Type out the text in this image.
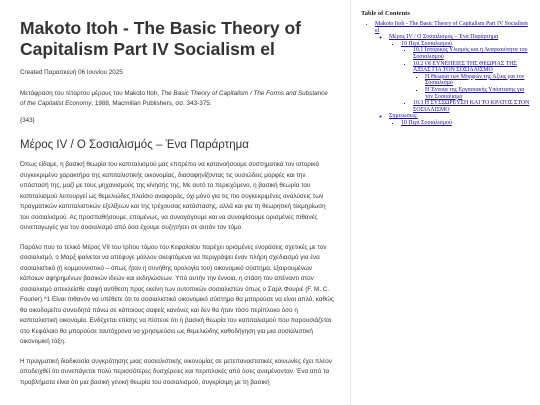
Makoto Itoh - The Basic Theory of Capitalism Part IV Socialism el
Created Παρασκευή 06 Ιουνίου 2025
Μετάφραση του τέταρτου μέρους του Makoto Itoh, The Basic Theory of Capitalism / The Forms and Substance of the Capitalist Economy, 1988, Macmillan Publishers, σσ. 343-375.
{343}
Μέρος IV / Ο Σοσιαλισμός – Ένα Παράρτημα

Όπως είδαμε, η βασική θεωρία του καπιταλισμού μας επιτρέπει να κατανοήσουμε συστηματικά τον ιστορικά συγκεκριμένο χαρακτήρα της καπιταλιστικής οικονομίας, διασαφηνίζοντας τις ουσιώδεις μορφές και την υπόστασή της, μαζί με τους μηχανισμούς της κίνησής της. Με αυτό το περιεχόμενο, η βασική θεωρία του καπιταλισμού λειτουργεί ως θεμελιώδες πλαίσιο αναφοράς, όχι μόνο για τις πιο συγκεκριμένες αναλύσεις των πραγματικών καπιταλιστικών εξελίξεων και της τρέχουσας κατάστασης, αλλά και για τη θεωρητική τεκμηρίωση του σοσιαλισμού. Ας προσπαθήσουμε, επομένως, να συναγάγουμε και να συνοψίσουμε ορισμένες πιθανές συνεπαγωγές για τον σοσιαλισμό από όσα έχουμε συζητήσει σε αυτόν τον τόμο.

Παρόλο που το τελικό Μέρος VII του τρίτου τόμου του Κεφαλαίου παρέχει ορισμένες ενοράσεις σχετικές με τον σοσιαλισμό, ο Μαρξ φαίνεται να απέφυγε μάλλον σκεφτόμενα να περιγράψει έναν πλήρη σχεδιασμό για ένα σοσιαλιστικό (ή κομμουνιστικό – όπως ήταν η συνήθης ορολογία του) οικονομικό σύστημα, εξαιρουμένων κάποιων αφηρημένων βασικών ιδεών και εκδηλώσεων. Υπό αυτήν την έννοια, η στάση του απέναντι στον σοσιαλισμό απεκλείσθε σαφή αντίθεση προς εκείνη των ουτοπικών σοσιαλιστών όπως ο Σαρλ Φουριέ (F. M. C. Fourier).^1 Είναι πιθανόν να υπέθετε ότι το σοσιαλιστικό οικονομικό σύστημα θα μπορούσε να είναι απλό, καθώς θα οικοδομείτο συνειδητά πάνω σε κάποιους σαφείς κανόνες και δεν θα ήταν τόσο περίπλοκο όσο η καπιταλιστική οικονομία. Ενδέχεται επίσης να πίστευε ότι η βασική θεωρία του καπιταλισμού που παρουσιάζεται στο Κεφάλαιο θα μπορούσε ταυτόχρονα να χρησιμεύσει ως θεμελιώδης καθοδήγηση για μια σοσιαλιστική οικονομική τάξη.

Η πραγματική διαδικασία συγκρότησης μιας σοσιαλιστικής οικονομίας σε μετεπαναστατικές κοινωνίες έχει πλέον αποδειχθεί ότι συνεπάγεται πολύ περισσότερες δυσχέρειες και περιπλοκές από όσες αναμένονταν. Ένα από τα προβλήματα είναι ότι μια βασική γενική θεωρία του σοσιαλισμού, συγκρίσιμη με τη βασική

Table of Contents
• Makoto Itoh - The Basic Theory of Capitalism Part IV Socialism el
◦ Μέρος IV / Ο Σοσιαλισμός – Ένα Παράρτημα
▪ 10 Περί Σοσιαλισμού
▪ 10.1 Ιστορικός Υλισμός και η Αναγκαιότητα του Σοσιαλισμού
▪ 10.2 ΟΙ ΕΥΝΕΠΕΙΕΣ ΤΗΣ ΘΕΩΡΙΑΣ ΤΗΣ ΑΞΙΑΣ ΓΙΑ ΤΟΝ ΣΟΣΙΑΛΙΣΜΟ
▪ Η Θεωρία των Μορφών της Αξίας για τον Σοσιαλισμό
▪ Η Έννοια της Εργασιακής Υπόστασης για τον Σοσιαλισμό
▪ 10.3 Η ΣΥΣΣΩΡΕΥΣΗ ΚΑΙ ΤΟ ΚΡΑΤΟΣ ΣΤΟΝ ΣΟΣΙΑΛΙΣΜΟ
◦ Σημειώσεις:
▪ 10 Περί Σοσιαλισμού
